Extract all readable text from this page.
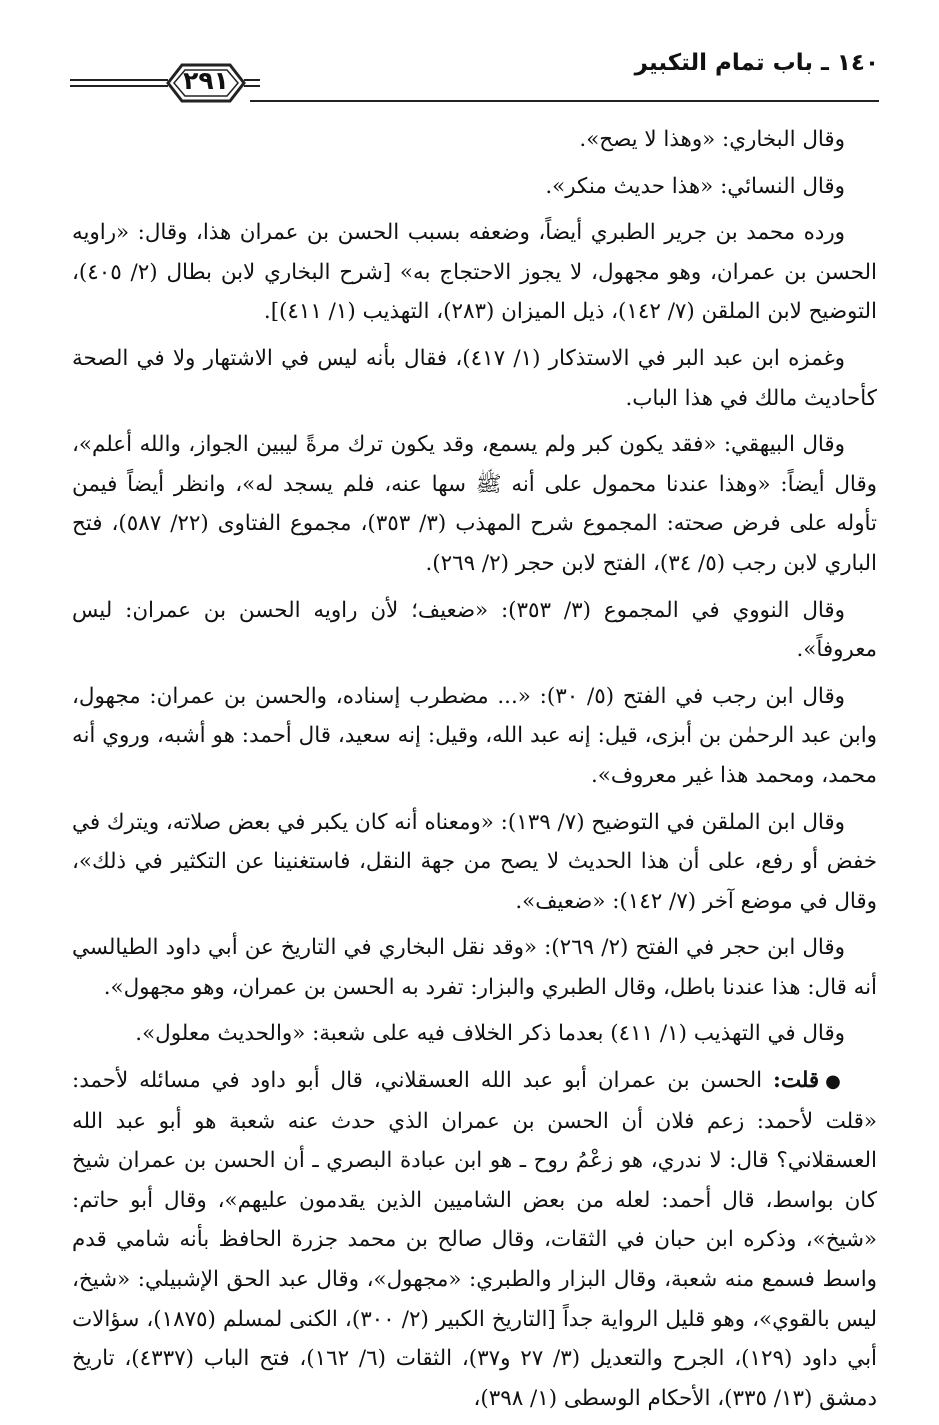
١٤٠ ـ باب تمام التكبير
٢٩١

وقال البخاري: «وهذا لا يصح».

وقال النسائي: «هذا حديث منكر».

ورده محمد بن جرير الطبري أيضاً، وضعفه بسبب الحسن بن عمران هذا، وقال: «راويه الحسن بن عمران، وهو مجهول، لا يجوز الاحتجاج به» [شرح البخاري لابن بطال (٢/ ٤٠٥)، التوضيح لابن الملقن (٧/ ١٤٢)، ذيل الميزان (٢٨٣)، التهذيب (١/ ٤١١)].

وغمزه ابن عبد البر في الاستذكار (١/ ٤١٧)، فقال بأنه ليس في الاشتهار ولا في الصحة كأحاديث مالك في هذا الباب.

وقال البيهقي: «فقد يكون كبر ولم يسمع، وقد يكون ترك مرةً ليبين الجواز، والله أعلم»، وقال أيضاً: «وهذا عندنا محمول على أنه ﷺ سها عنه، فلم يسجد له»، وانظر أيضاً فيمن تأوله على فرض صحته: المجموع شرح المهذب (٣/ ٣٥٣)، مجموع الفتاوى (٢٢/ ٥٨٧)، فتح الباري لابن رجب (٥/ ٣٤)، الفتح لابن حجر (٢/ ٢٦٩).

وقال النووي في المجموع (٣/ ٣٥٣): «ضعيف؛ لأن راويه الحسن بن عمران: ليس معروفاً».

وقال ابن رجب في الفتح (٥/ ٣٠): «... مضطرب إسناده، والحسن بن عمران: مجهول، وابن عبد الرحمٰن بن أبزى، قيل: إنه عبد الله، وقيل: إنه سعيد، قال أحمد: هو أشبه، وروي أنه محمد، ومحمد هذا غير معروف».

وقال ابن الملقن في التوضيح (٧/ ١٣٩): «ومعناه أنه كان يكبر في بعض صلاته، ويترك في خفض أو رفع، على أن هذا الحديث لا يصح من جهة النقل، فاستغنينا عن التكثير في ذلك»، وقال في موضع آخر (٧/ ١٤٢): «ضعيف».

وقال ابن حجر في الفتح (٢/ ٢٦٩): «وقد نقل البخاري في التاريخ عن أبي داود الطيالسي أنه قال: هذا عندنا باطل، وقال الطبري والبزار: تفرد به الحسن بن عمران، وهو مجهول».

وقال في التهذيب (١/ ٤١١) بعدما ذكر الخلاف فيه على شعبة: «والحديث معلول».

●قلت: الحسن بن عمران أبو عبد الله العسقلاني، قال أبو داود في مسائله لأحمد: «قلت لأحمد: زعم فلان أن الحسن بن عمران الذي حدث عنه شعبة هو أبو عبد الله العسقلاني؟ قال: لا ندري، هو زعْمُ روح ـ هو ابن عبادة البصري ـ أن الحسن بن عمران شيخ كان بواسط، قال أحمد: لعله من بعض الشاميين الذين يقدمون عليهم»، وقال أبو حاتم: «شيخ»، وذكره ابن حبان في الثقات، وقال صالح بن محمد جزرة الحافظ بأنه شامي قدم واسط فسمع منه شعبة، وقال البزار والطبري: «مجهول»، وقال عبد الحق الإشبيلي: «شيخ، ليس بالقوي»، وهو قليل الرواية جداً [التاريخ الكبير (٢/ ٣٠٠)، الكنى لمسلم (١٨٧٥)، سؤالات أبي داود (١٢٩)، الجرح والتعديل (٣/ ٢٧ و٣٧)، الثقات (٦/ ١٦٢)، فتح الباب (٤٣٣٧)، تاريخ دمشق (١٣/ ٣٣٥)، الأحكام الوسطى (١/ ٣٩٨)،
